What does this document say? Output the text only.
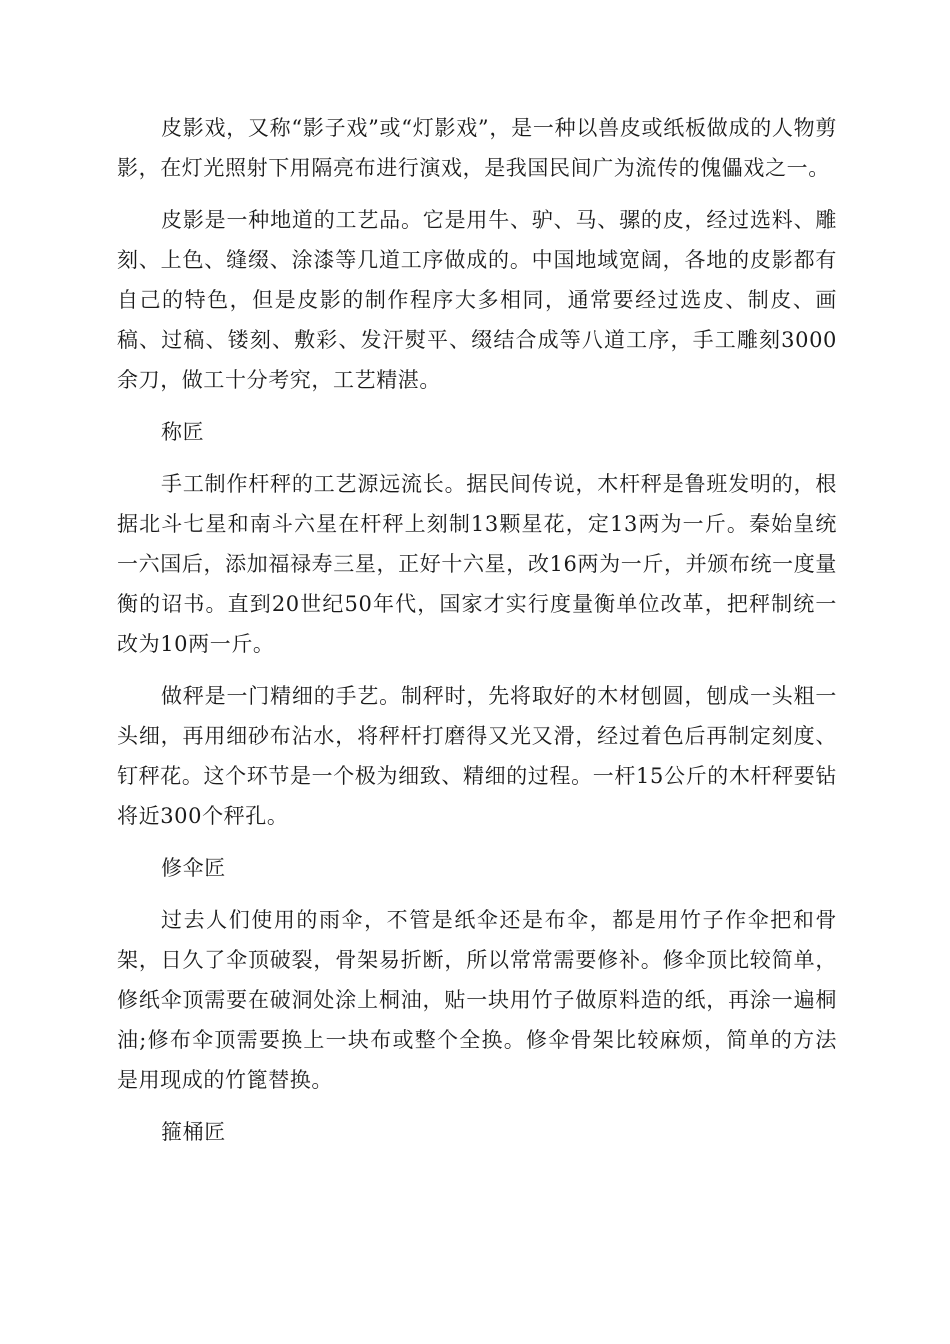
皮影戏，又称“影子戏”或“灯影戏”，是一种以兽皮或纸板做成的人物剪影，在灯光照射下用隔亮布进行演戏，是我国民间广为流传的傀儡戏之一。

皮影是一种地道的工艺品。它是用牛、驴、马、骡的皮，经过选料、雕刻、上色、缝缀、涂漆等几道工序做成的。中国地域宽阔，各地的皮影都有自己的特色，但是皮影的制作程序大多相同，通常要经过选皮、制皮、画稿、过稿、镂刻、敷彩、发汗熨平、缀结合成等八道工序，手工雕刻3000余刀，做工十分考究，工艺精湛。

称匠

手工制作杆秤的工艺源远流长。据民间传说，木杆秤是鲁班发明的，根据北斗七星和南斗六星在杆秤上刻制13颗星花，定13两为一斤。秦始皇统一六国后，添加福禄寿三星，正好十六星，改16两为一斤，并颁布统一度量衡的诏书。直到20世纪50年代，国家才实行度量衡单位改革，把秤制统一改为10两一斤。

做秤是一门精细的手艺。制秤时，先将取好的木材刨圆，刨成一头粗一头细，再用细砂布沾水，将秤杆打磨得又光又滑，经过着色后再制定刻度、钉秤花。这个环节是一个极为细致、精细的过程。一杆15公斤的木杆秤要钻将近300个秤孔。

修伞匠

过去人们使用的雨伞，不管是纸伞还是布伞，都是用竹子作伞把和骨架，日久了伞顶破裂，骨架易折断，所以常常需要修补。修伞顶比较简单，修纸伞顶需要在破洞处涂上桐油，贴一块用竹子做原料造的纸，再涂一遍桐油;修布伞顶需要换上一块布或整个全换。修伞骨架比较麻烦，简单的方法是用现成的竹篦替换。

箍桶匠
